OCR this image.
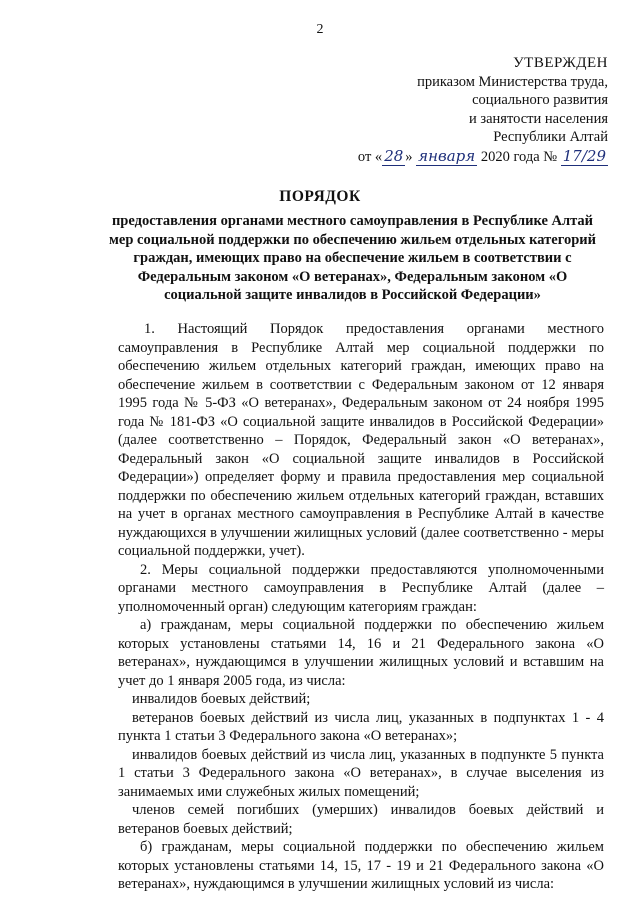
2
УТВЕРЖДЕН
приказом Министерства труда,
социального развития
и занятости населения
Республики Алтай
от « 28 » января 2020 года № 17/29
ПОРЯДОК
предоставления органами местного самоуправления в Республике Алтай мер социальной поддержки по обеспечению жильем отдельных категорий граждан, имеющих право на обеспечение жильем в соответствии с Федеральным законом «О ветеранах», Федеральным законом «О социальной защите инвалидов в Российской Федерации»

1. Настоящий Порядок предоставления органами местного самоуправления в Республике Алтай мер социальной поддержки по обеспечению жильем отдельных категорий граждан, имеющих право на обеспечение жильем в соответствии с Федеральным законом от 12 января 1995 года № 5-ФЗ «О ветеранах», Федеральным законом от 24 ноября 1995 года № 181-ФЗ «О социальной защите инвалидов в Российской Федерации» (далее соответственно – Порядок, Федеральный закон «О ветеранах», Федеральный закон «О социальной защите инвалидов в Российской Федерации») определяет форму и правила предоставления мер социальной поддержки по обеспечению жильем отдельных категорий граждан, вставших на учет в органах местного самоуправления в Республике Алтай в качестве нуждающихся в улучшении жилищных условий (далее соответственно - меры социальной поддержки, учет).

2. Меры социальной поддержки предоставляются уполномоченными органами местного самоуправления в Республике Алтай (далее – уполномоченный орган) следующим категориям граждан:

а) гражданам, меры социальной поддержки по обеспечению жильем которых установлены статьями 14, 16 и 21 Федерального закона «О ветеранах», нуждающимся в улучшении жилищных условий и вставшим на учет до 1 января 2005 года, из числа:

инвалидов боевых действий;

ветеранов боевых действий из числа лиц, указанных в подпунктах 1 - 4 пункта 1 статьи 3 Федерального закона «О ветеранах»;

инвалидов боевых действий из числа лиц, указанных в подпункте 5 пункта 1 статьи 3 Федерального закона «О ветеранах», в случае выселения из занимаемых ими служебных жилых помещений;

членов семей погибших (умерших) инвалидов боевых действий и ветеранов боевых действий;

б) гражданам, меры социальной поддержки по обеспечению жильем которых установлены статьями 14, 15, 17 - 19 и 21 Федерального закона «О ветеранах», нуждающимся в улучшении жилищных условий из числа:
